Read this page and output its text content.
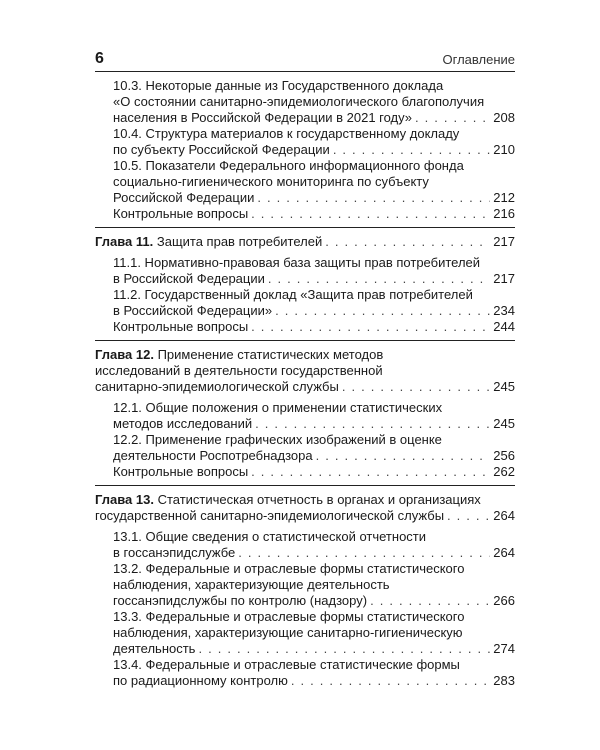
6	Оглавление
10.3. Некоторые данные из Государственного доклада
«О состоянии санитарно-эпидемиологического благополучия
населения в Российской Федерации в 2021 году» . . .	208
10.4. Структура материалов к государственному докладу
по субъекту Российской Федерации . . .	210
10.5. Показатели Федерального информационного фонда
социально-гигиенического мониторинга по субъекту
Российской Федерации . . .	212
Контрольные вопросы . . .	216
Глава 11. Защита прав потребителей . . .	217
11.1. Нормативно-правовая база защиты прав потребителей
в Российской Федерации . . .	217
11.2. Государственный доклад «Защита прав потребителей
в Российской Федерации» . . .	234
Контрольные вопросы . . .	244
Глава 12. Применение статистических методов
исследований в деятельности государственной
санитарно-эпидемиологической службы . . .	245
12.1. Общие положения о применении статистических
методов исследований . . .	245
12.2. Применение графических изображений в оценке
деятельности Роспотребнадзора . . .	256
Контрольные вопросы . . .	262
Глава 13. Статистическая отчетность в органах и организациях
государственной санитарно-эпидемиологической службы . . .	264
13.1. Общие сведения о статистической отчетности
в госсанэпидслужбе . . .	264
13.2. Федеральные и отраслевые формы статистического
наблюдения, характеризующие деятельность
госсанэпидслужбы по контролю (надзору) . . .	266
13.3. Федеральные и отраслевые формы статистического
наблюдения, характеризующие санитарно-гигиеническую
деятельность . . .	274
13.4. Федеральные и отраслевые статистические формы
по радиационному контролю . . .	283
